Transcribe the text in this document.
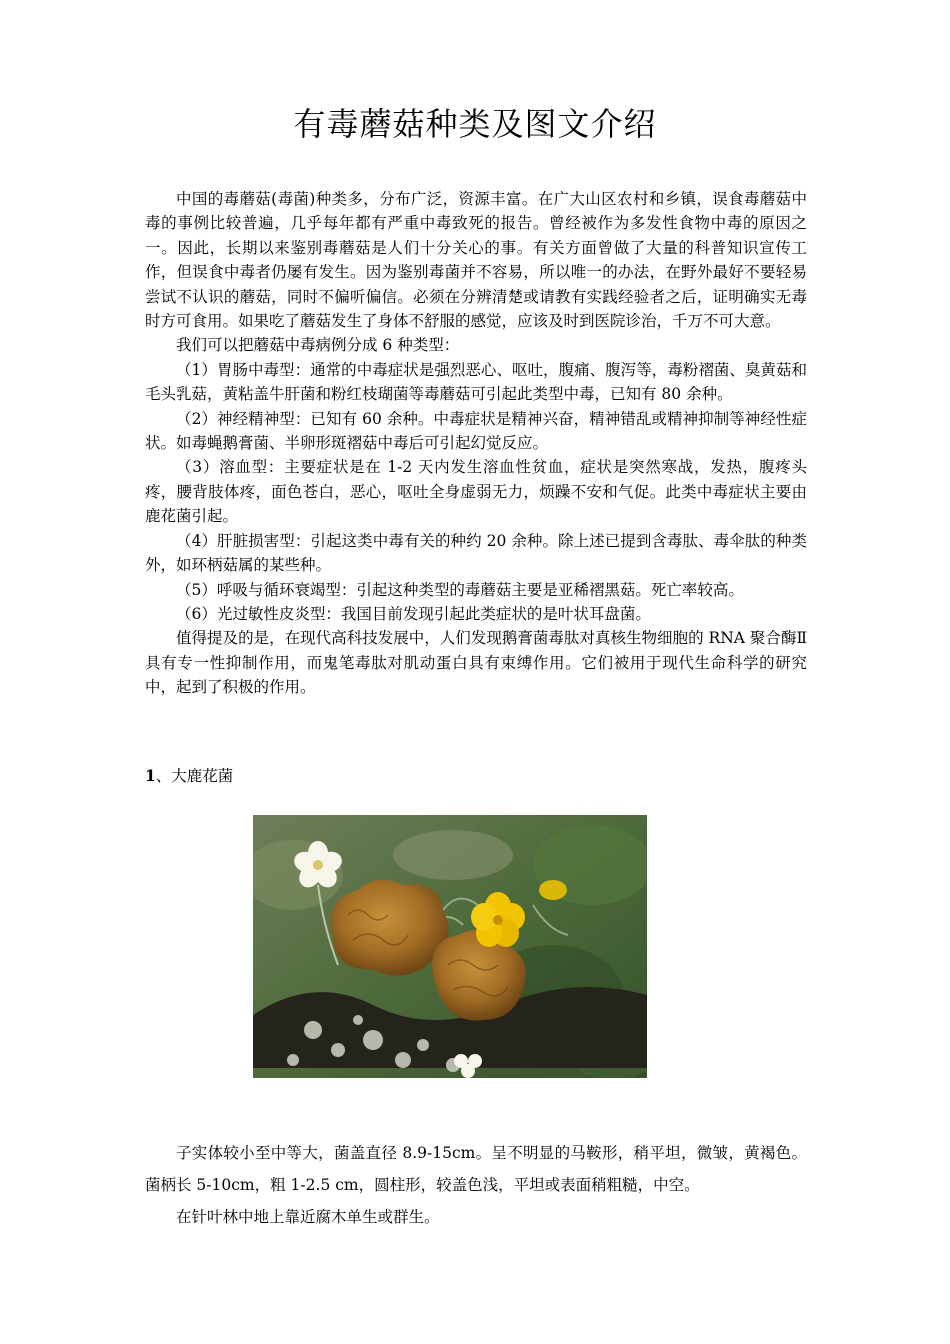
有毒蘑菇种类及图文介绍

中国的毒蘑菇(毒菌)种类多，分布广泛，资源丰富。在广大山区农村和乡镇，误食毒蘑菇中毒的事例比较普遍，几乎每年都有严重中毒致死的报告。曾经被作为多发性食物中毒的原因之一。因此，长期以来鉴别毒蘑菇是人们十分关心的事。有关方面曾做了大量的科普知识宣传工作，但误食中毒者仍屡有发生。因为鉴别毒菌并不容易，所以唯一的办法，在野外最好不要轻易尝试不认识的蘑菇，同时不偏听偏信。必须在分辨清楚或请教有实践经验者之后，证明确实无毒时方可食用。如果吃了蘑菇发生了身体不舒服的感觉，应该及时到医院诊治，千万不可大意。

我们可以把蘑菇中毒病例分成 6 种类型：

（1）胃肠中毒型：通常的中毒症状是强烈恶心、呕吐，腹痛、腹泻等，毒粉褶菌、臭黄菇和毛头乳菇，黄粘盖牛肝菌和粉红枝瑚菌等毒蘑菇可引起此类型中毒，已知有 80 余种。

（2）神经精神型：已知有 60 余种。中毒症状是精神兴奋，精神错乱或精神抑制等神经性症状。如毒蝇鹅膏菌、半卵形斑褶菇中毒后可引起幻觉反应。

（3）溶血型：主要症状是在 1-2 天内发生溶血性贫血，症状是突然寒战，发热，腹疼头疼，腰背肢体疼，面色苍白，恶心，呕吐全身虚弱无力，烦躁不安和气促。此类中毒症状主要由鹿花菌引起。

（4）肝脏损害型：引起这类中毒有关的种约 20 余种。除上述已提到含毒肽、毒伞肽的种类外，如环柄菇属的某些种。

（5）呼吸与循环衰竭型：引起这种类型的毒蘑菇主要是亚稀褶黑菇。死亡率较高。

（6）光过敏性皮炎型：我国目前发现引起此类症状的是叶状耳盘菌。

值得提及的是，在现代高科技发展中，人们发现鹅膏菌毒肽对真核生物细胞的 RNA 聚合酶Ⅱ具有专一性抑制作用，而鬼笔毒肽对肌动蛋白具有束缚作用。它们被用于现代生命科学的研究中，起到了积极的作用。

1、大鹿花菌

子实体较小至中等大，菌盖直径 8.9-15cm。呈不明显的马鞍形，稍平坦，微皱，黄褐色。菌柄长 5-10cm，粗 1-2.5 cm，圆柱形，较盖色浅，平坦或表面稍粗糙，中空。

在针叶林中地上靠近腐木单生或群生。
